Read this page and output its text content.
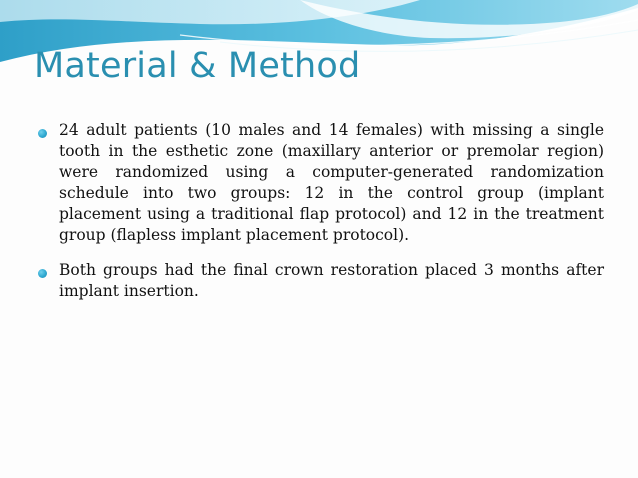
Material & Method
24 adult patients (10 males and 14 females) with missing a single tooth in the esthetic zone (maxillary anterior or premolar region) were randomized using a computer-generated randomization schedule into two groups: 12 in the control group (implant placement using a traditional flap protocol) and 12 in the treatment group (flapless implant placement protocol).
Both groups had the final crown restoration placed 3 months after implant insertion.
